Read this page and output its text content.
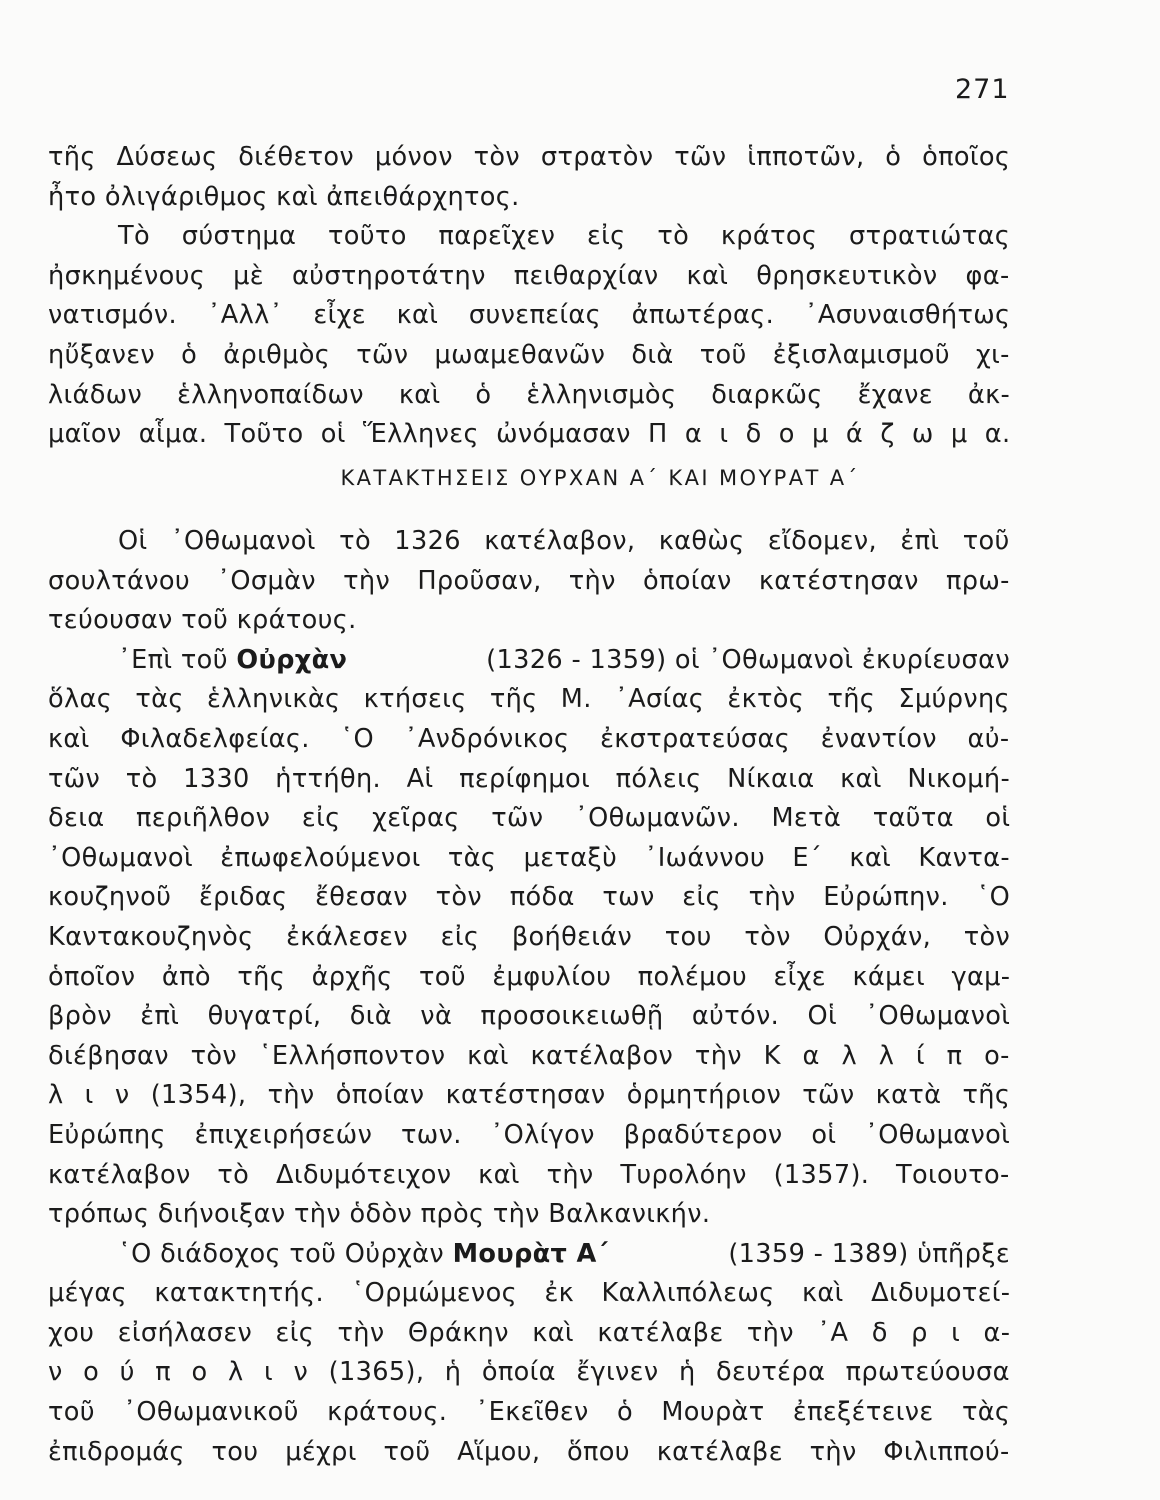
271
τῆς Δύσεως διέθετον μόνον τὸν στρατὸν τῶν ἱπποτῶν, ὁ ὁποῖος
ἦτο ὀλιγάριθμος καὶ ἀπειθάρχητος.
Τὸ σύστημα τοῦτο παρεῖχεν εἰς τὸ κράτος στρατιώτας
ἠσκημένους μὲ αὐστηροτάτην πειθαρχίαν καὶ θρησκευτικὸν φα-
νατισμόν. ᾿Αλλ᾿ εἶχε καὶ συνεπείας ἀπωτέρας. ᾿Ασυναισθήτως
ηὔξανεν ὁ ἀριθμὸς τῶν μωαμεθανῶν διὰ τοῦ ἐξισλαμισμοῦ χι-
λιάδων ἑλληνοπαίδων καὶ ὁ ἑλληνισμὸς διαρκῶς ἔχανε ἀκ-
μαῖον αἷμα. Τοῦτο οἱ Ἕλληνες ὠνόμασαν Π α ι δ ο μ ά ζ ω μ α.
ΚΑΤΑΚΤΗΣΕΙΣ ΟΥΡΧΑΝ Α΄ ΚΑΙ ΜΟΥΡΑΤ Α΄
Οἱ ᾿Οθωμανοὶ τὸ 1326 κατέλαβον, καθὼς εἴδομεν, ἐπὶ τοῦ
σουλτάνου ᾿Οσμὰν τὴν Προῦσαν, τὴν ὁποίαν κατέστησαν πρω-
τεύουσαν τοῦ κράτους.
᾿Επὶ τοῦ Οὐρχὰν	(1326 - 1359) οἱ ᾿Οθωμανοὶ ἐκυρίευσαν
ὅλας τὰς ἑλληνικὰς κτήσεις τῆς Μ. ᾿Ασίας ἐκτὸς τῆς Σμύρνης
καὶ Φιλαδελφείας. ῾Ο ᾿Ανδρόνικος ἐκστρατεύσας ἐναντίον αὐ-
τῶν τὸ 1330 ἡττήθη. Αἱ περίφημοι πόλεις Νίκαια καὶ Νικομή-
δεια περιῆλθον εἰς χεῖρας τῶν ᾿Οθωμανῶν. Μετὰ ταῦτα οἱ
᾿Οθωμανοὶ ἐπωφελούμενοι τὰς μεταξὺ ᾿Ιωάννου Ε΄ καὶ Καντα-
κουζηνοῦ ἔριδας ἔθεσαν τὸν πόδα των εἰς τὴν Εὐρώπην. ῾Ο
Καντακουζηνὸς ἐκάλεσεν εἰς βοήθειάν του τὸν Οὐρχάν, τὸν
ὁποῖον ἀπὸ τῆς ἀρχῆς τοῦ ἐμφυλίου πολέμου εἶχε κάμει γαμ-
βρὸν ἐπὶ θυγατρί, διὰ νὰ προσοικειωθῇ αὐτόν. Οἱ ᾿Οθωμανοὶ
διέβησαν τὸν ῾Ελλήσποντον καὶ κατέλαβον τὴν Κ α λ λ ί π ο-
λ ι ν (1354), τὴν ὁποίαν κατέστησαν ὁρμητήριον τῶν κατὰ τῆς
Εὐρώπης ἐπιχειρήσεών των. ᾿Ολίγον βραδύτερον οἱ ᾿Οθωμανοὶ
κατέλαβον τὸ Διδυμότειχον καὶ τὴν Τυρολόην (1357). Τοιουτο-
τρόπως διήνοιξαν τὴν ὁδὸν πρὸς τὴν Βαλκανικήν.
῾Ο διάδοχος τοῦ Οὐρχὰν Μουρὰτ Α΄	(1359 - 1389) ὑπῆρξε
μέγας κατακτητής. ῾Ορμώμενος ἐκ Καλλιπόλεως καὶ Διδυμοτεί-
χου εἰσήλασεν εἰς τὴν Θράκην καὶ κατέλαβε τὴν ᾿Α δ ρ ι α-
ν ο ύ π ο λ ι ν (1365), ἡ ὁποία ἔγινεν ἡ δευτέρα πρωτεύουσα
τοῦ ᾿Οθωμανικοῦ κράτους. ᾿Εκεῖθεν ὁ Μουρὰτ ἐπεξέτεινε τὰς
ἐπιδρομάς του μέχρι τοῦ Αἵμου, ὅπου κατέλαβε τὴν Φιλιππού-
